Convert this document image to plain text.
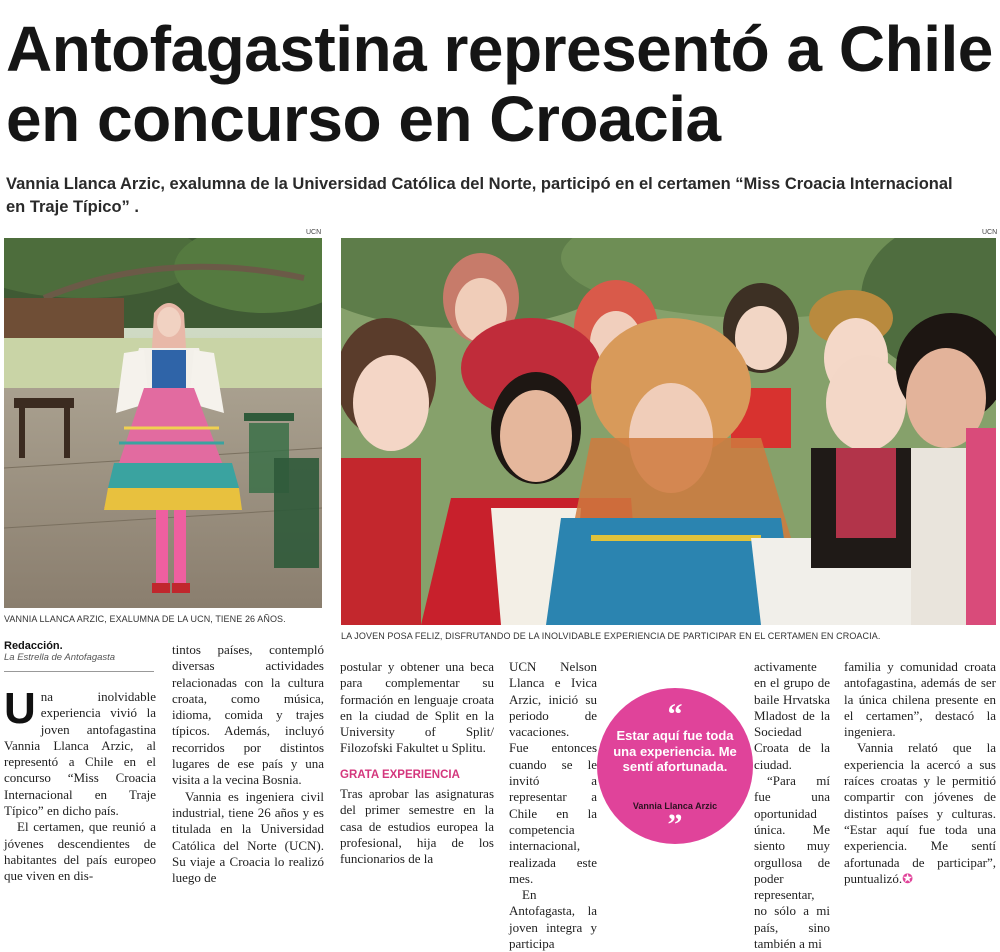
Antofagastina representó a Chile en concurso en Croacia

Vannia Llanca Arzic, exalumna de la Universidad Católica del Norte, participó en el certamen “Miss Croacia Internacional en Traje Típico” .

UCN

VANNIA LLANCA ARZIC, EXALUMNA DE LA UCN, TIENE 26 AÑOS.

UCN

LA JOVEN POSA FELIZ, DISFRUTANDO DE LA INOLVIDABLE EXPERIENCIA DE PARTICIPAR EN EL CERTAMEN EN CROACIA.

Redacción.
La Estrella de Antofagasta

Una inolvidable experiencia vivió la joven antofagastina Vannia Llanca Arzic, al representó a Chile en el concurso “Miss Croacia Internacional en Traje Típico” en dicho país.

El certamen, que reunió a jóvenes descendientes de habitantes del país europeo que viven en dis-

tintos países, contempló diversas actividades relacionadas con la cultura croata, como música, idioma, comida y trajes típicos. Además, incluyó recorridos por distintos lugares de ese país y una visita a la vecina Bosnia.

Vannia es ingeniera civil industrial, tiene 26 años y es titulada en la Universidad Católica del Norte (UCN). Su viaje a Croacia lo realizó luego de

postular y obtener una beca para complementar su formación en lenguaje croata en la ciudad de Split en la University of Split/ Filozofski Fakultet u Splitu.

GRATA EXPERIENCIA

Tras aprobar las asignaturas del primer semestre en la casa de estudios europea la profesional, hija de los funcionarios de la

UCN Nelson Llanca e Ivica Arzic, inició su periodo de vacaciones.

Fue entonces cuando se le invitó a representar a Chile en la competencia internacional, realizada este mes.

En Antofagasta, la joven integra y participa

activamente en el grupo de baile Hrvatska Mladost de la Sociedad Croata de la ciudad.

“Para mí fue una oportunidad única. Me siento muy orgullosa de poder representar, no sólo a mi país, sino también a mi

familia y comunidad croata antofagastina, además de ser la única chilena presente en el certamen”, destacó la ingeniera.

Vannia relató que la experiencia la acercó a sus raíces croatas y le permitió compartir con jóvenes de distintos países y culturas. “Estar aquí fue toda una experiencia. Me sentí afortunada de participar”, puntualizó.✪

“
Estar aquí fue toda una experiencia. Me sentí afortunada.
Vannia Llanca Arzic
”
